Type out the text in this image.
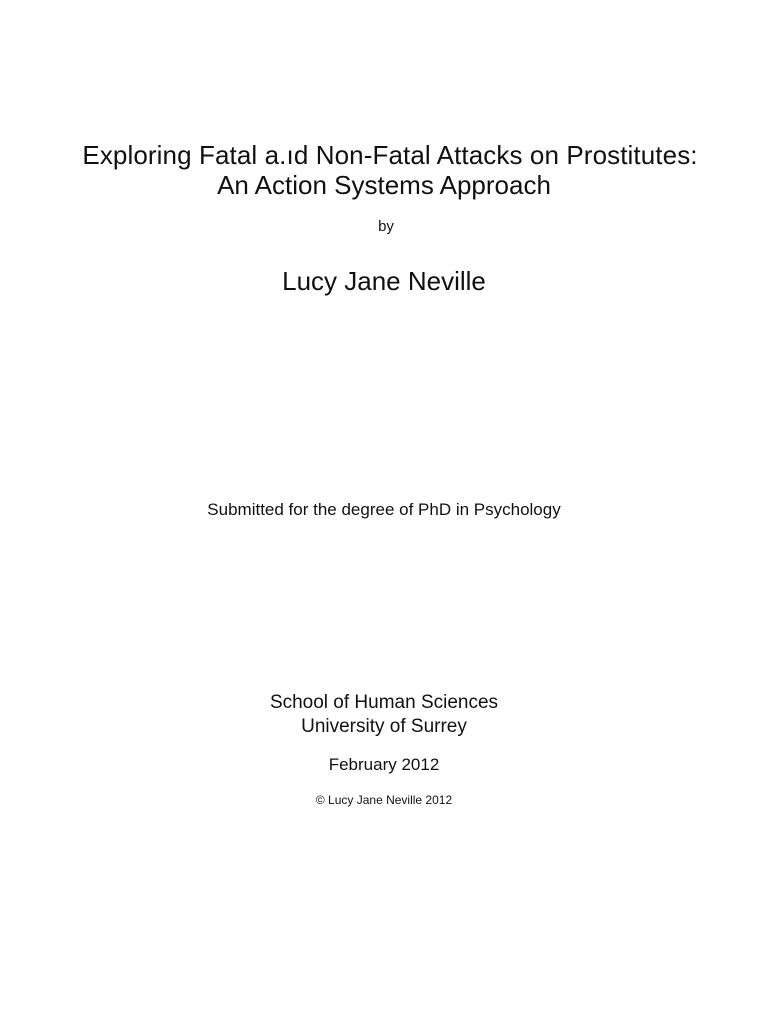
Exploring Fatal a.ıd Non-Fatal Attacks on Prostitutes:
An Action Systems Approach
by
Lucy Jane Neville
Submitted for the degree of PhD in Psychology
School of Human Sciences
University of Surrey
February 2012
© Lucy Jane Neville 2012
